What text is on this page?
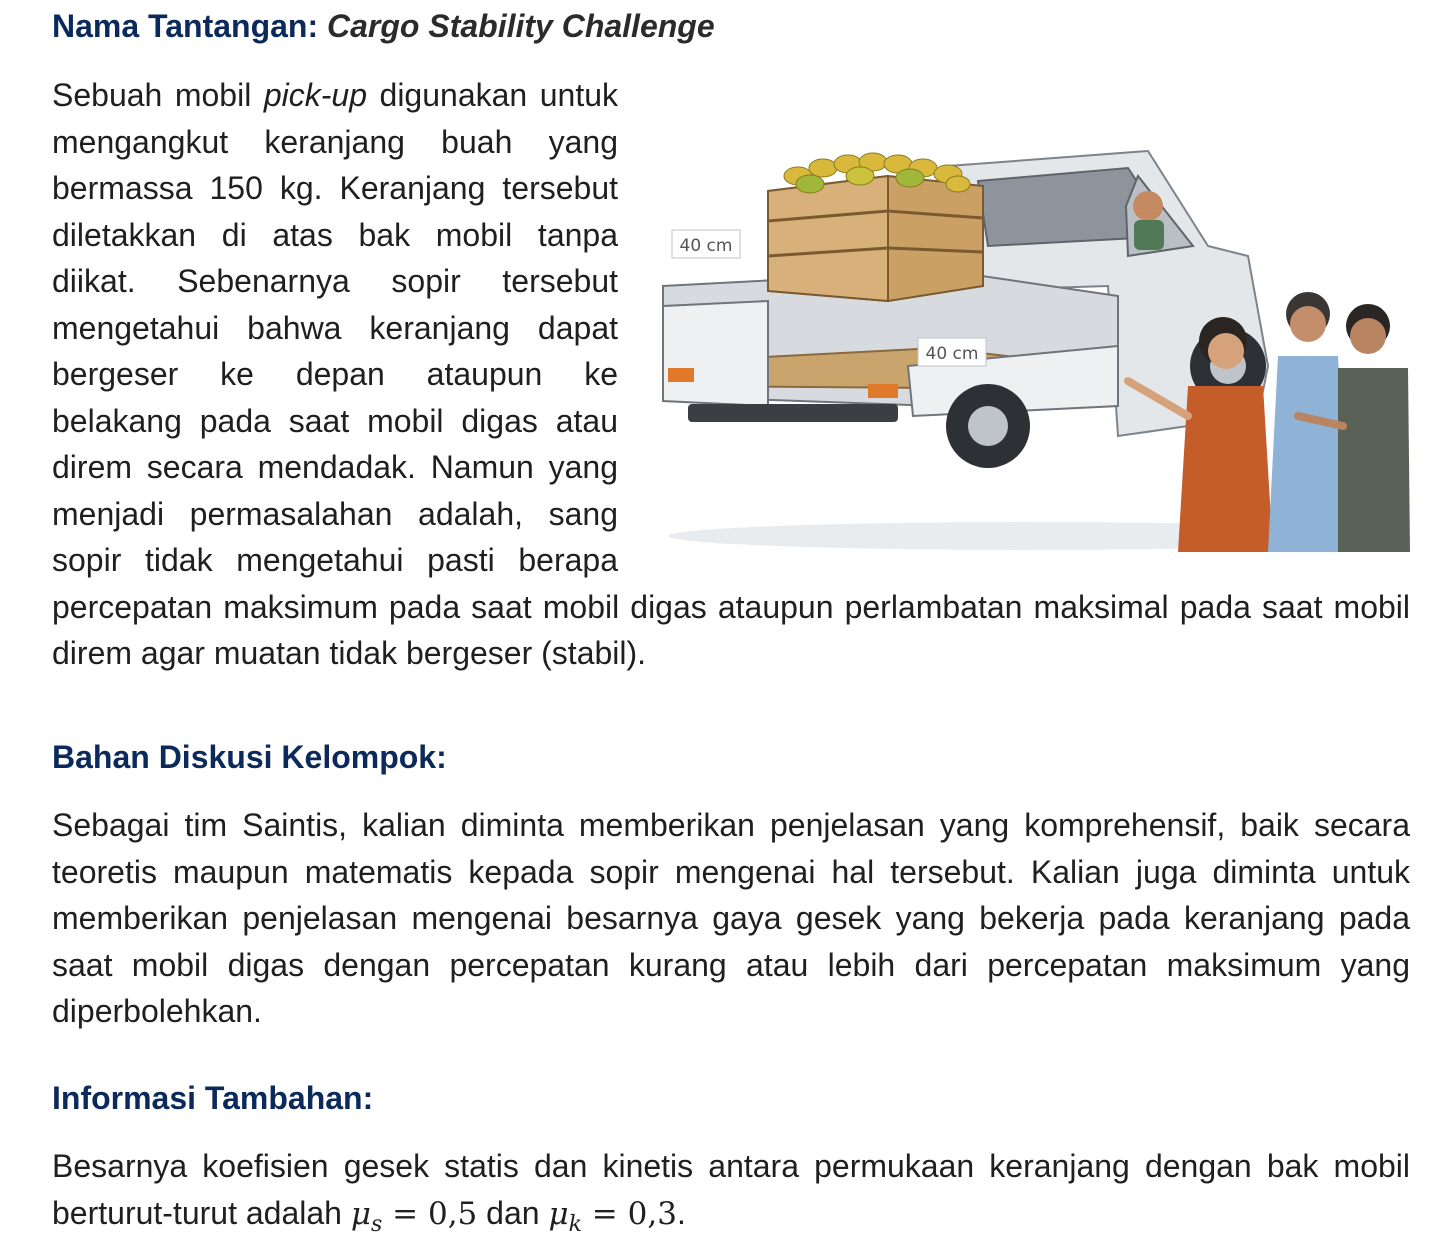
Nama Tantangan: Cargo Stability Challenge
40 cm
40 cm
Sebuah mobil pick-up digunakan untuk mengangkut keranjang buah yang bermassa 150 kg. Keranjang tersebut diletakkan di atas bak mobil tanpa diikat. Sebenarnya sopir tersebut mengetahui bahwa keranjang dapat bergeser ke depan ataupun ke belakang pada saat mobil digas atau direm secara mendadak. Namun yang menjadi permasalahan adalah, sang sopir tidak mengetahui pasti berapa percepatan maksimum pada saat mobil digas ataupun perlambatan maksimal pada saat mobil direm agar muatan tidak bergeser (stabil).
Bahan Diskusi Kelompok:

Sebagai tim Saintis, kalian diminta memberikan penjelasan yang komprehensif, baik secara teoretis maupun matematis kepada sopir mengenai hal tersebut. Kalian juga diminta untuk memberikan penjelasan mengenai besarnya gaya gesek yang bekerja pada keranjang pada saat mobil digas dengan percepatan kurang atau lebih dari percepatan maksimum yang diperbolehkan.

Informasi Tambahan:

Besarnya koefisien gesek statis dan kinetis antara permukaan keranjang dengan bak mobil berturut-turut adalah $\mu_s = 0,5$ dan $\mu_k = 0,3$.
